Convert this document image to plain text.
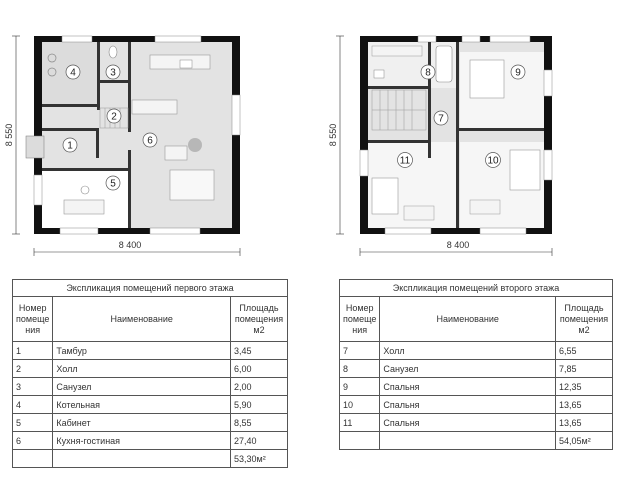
1
2
3
4
5
6
8 400
8 550
7
8	9
10
11
8 400
8 550
Экспликация помещений первого этажа		
Номер помеще ния	Наименование	Площадь помещения м2
1	Тамбур	3,45
2	Холл	6,00
3	Санузел	2,00
4	Котельная	5,90
5	Кабинет	8,55
6	Кухня-гостиная	27,40
		53,30м²
Экспликация помещений второго этажа		
Номер помеще ния	Наименование	Площадь помещения м2
7	Холл	6,55
8	Санузел	7,85
9	Спальня	12,35
10	Спальня	13,65
11	Спальня	13,65
		54,05м²
